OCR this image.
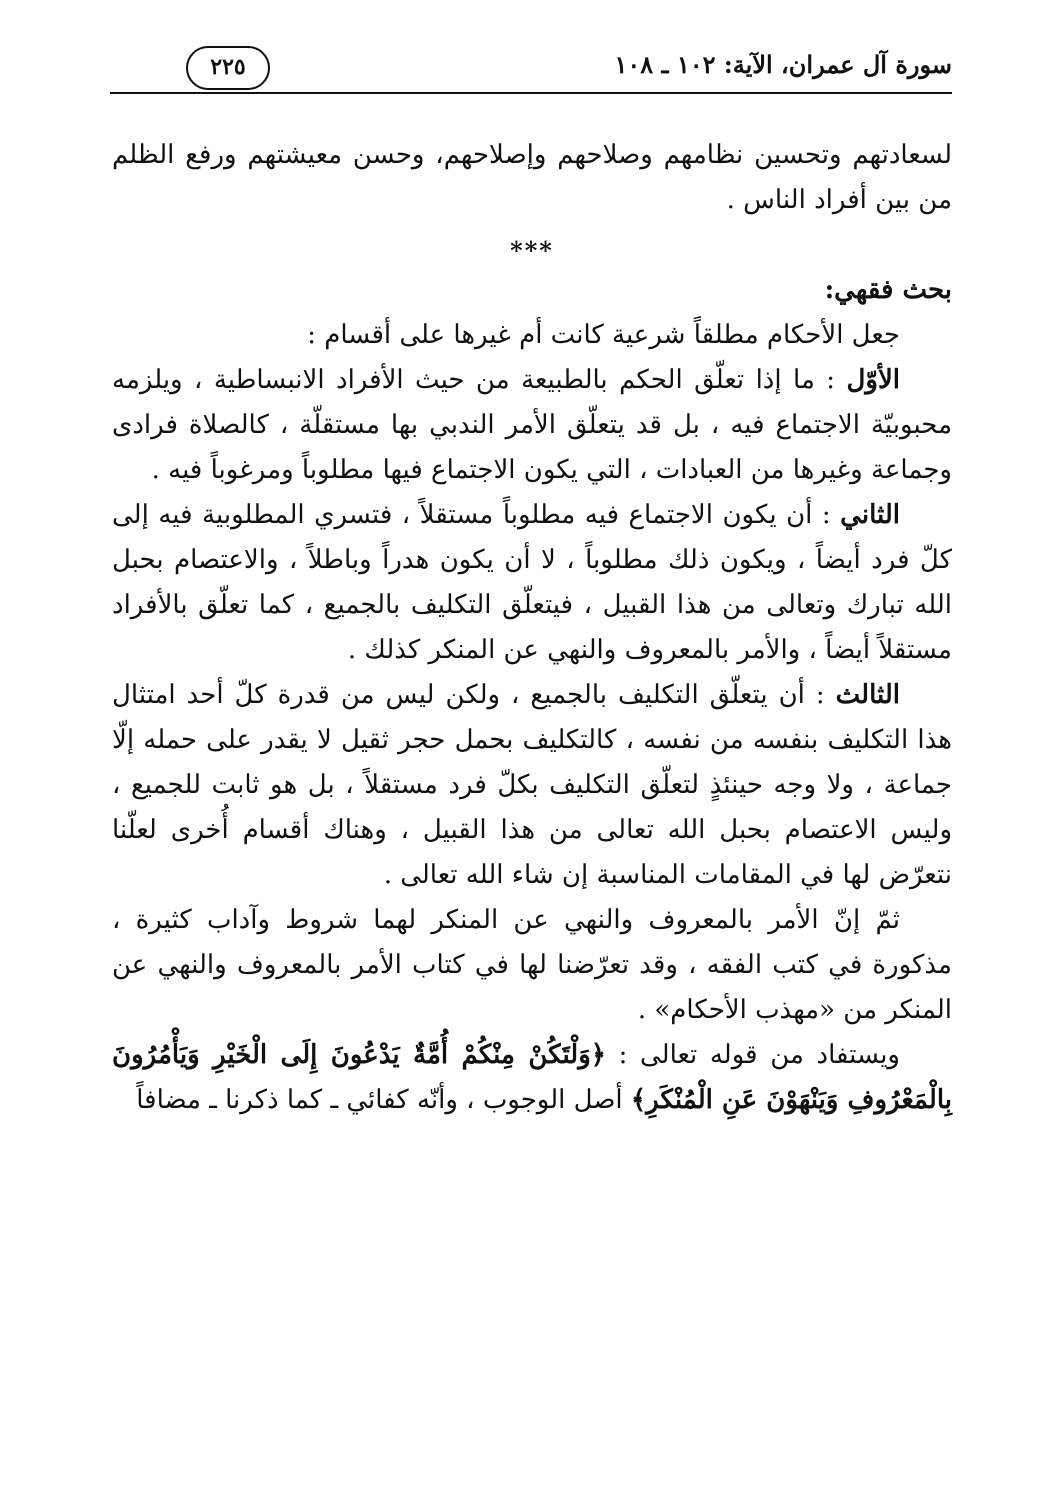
سورة آل عمران، الآية: ١٠٢ ـ ١٠٨
٢٢٥

لسعادتهم وتحسين نظامهم وصلاحهم وإصلاحهم، وحسن معيشتهم ورفع الظلم من بين أفراد الناس .

***

بحث فقهي:

جعل الأحكام مطلقاً شرعية كانت أم غيرها على أقسام :

الأوّل : ما إذا تعلّق الحكم بالطبيعة من حيث الأفراد الانبساطية ، ويلزمه محبوبيّة الاجتماع فيه ، بل قد يتعلّق الأمر الندبي بها مستقلّة ، كالصلاة فرادى وجماعة وغيرها من العبادات ، التي يكون الاجتماع فيها مطلوباً ومرغوباً فيه .

الثاني : أن يكون الاجتماع فيه مطلوباً مستقلاً ، فتسري المطلوبية فيه إلى كلّ فرد أيضاً ، ويكون ذلك مطلوباً ، لا أن يكون هدراً وباطلاً ، والاعتصام بحبل الله تبارك وتعالى من هذا القبيل ، فيتعلّق التكليف بالجميع ، كما تعلّق بالأفراد مستقلاً أيضاً ، والأمر بالمعروف والنهي عن المنكر كذلك .

الثالث : أن يتعلّق التكليف بالجميع ، ولكن ليس من قدرة كلّ أحد امتثال هذا التكليف بنفسه من نفسه ، كالتكليف بحمل حجر ثقيل لا يقدر على حمله إلّا جماعة ، ولا وجه حينئذٍ لتعلّق التكليف بكلّ فرد مستقلاً ، بل هو ثابت للجميع ، وليس الاعتصام بحبل الله تعالى من هذا القبيل ، وهناك أقسام أُخرى لعلّنا نتعرّض لها في المقامات المناسبة إن شاء الله تعالى .

ثمّ إنّ الأمر بالمعروف والنهي عن المنكر لهما شروط وآداب كثيرة ، مذكورة في كتب الفقه ، وقد تعرّضنا لها في كتاب الأمر بالمعروف والنهي عن المنكر من «مهذب الأحكام» .

ويستفاد من قوله تعالى : ﴿وَلْتَكُنْ مِنْكُمْ أُمَّةٌ يَدْعُونَ إِلَى الْخَيْرِ وَيَأْمُرُونَ بِالْمَعْرُوفِ وَيَنْهَوْنَ عَنِ الْمُنْكَرِ﴾ أصل الوجوب ، وأنّه كفائي ـ كما ذكرنا ـ مضافاً
